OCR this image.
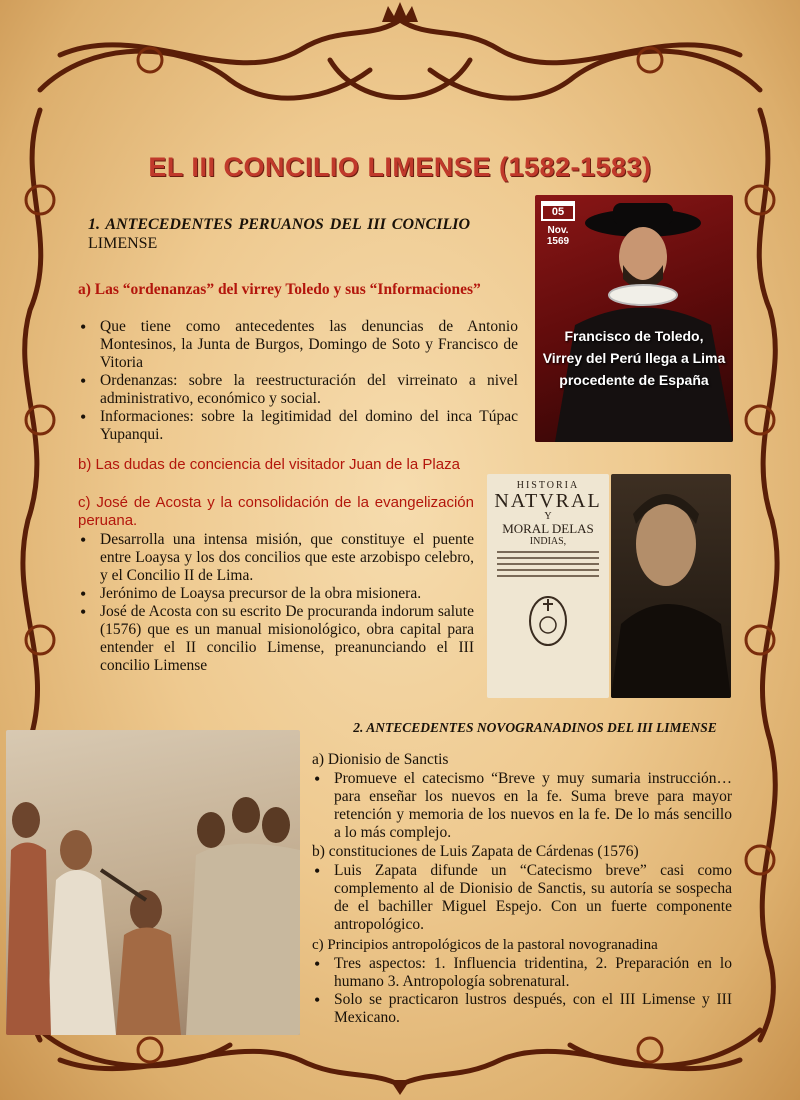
EL III CONCILIO LIMENSE (1582-1583)
1. ANTECEDENTES PERUANOS DEL III CONCILIO LIMENSE
a) Las “ordenanzas” del virrey Toledo y sus “Informaciones”
• Que tiene como antecedentes las denuncias de Antonio Montesinos, la Junta de Burgos, Domingo de Soto y Francisco de Vitoria
• Ordenanzas: sobre la reestructuración del virreinato a nivel administrativo, económico y social.
• Informaciones: sobre la legitimidad del domino del inca Túpac Yupanqui.
b) Las dudas de conciencia del visitador Juan de la Plaza
c) José de Acosta y la consolidación de la evangelización peruana.
• Desarrolla una intensa misión, que constituye el puente entre Loaysa y los dos concilios que este arzobispo celebro, y el Concilio II de Lima.
• Jerónimo de Loaysa precursor de la obra misionera.
• José de Acosta con su escrito De procuranda indorum salute (1576) que es un manual misionológico, obra capital para entender el II concilio Limense, preanunciando el III concilio Limense
05
Nov.
1569
Francisco de Toledo,
Virrey del Perú llega a Lima
procedente de España
HISTORIA
NATVRAL
Y
MORAL DELAS
INDIAS,
2. ANTECEDENTES NOVOGRANADINOS DEL III LIMENSE
a) Dionisio de Sanctis
• Promueve el catecismo “Breve y muy sumaria instrucción… para enseñar los nuevos en la fe. Suma breve para mayor retención y memoria de los nuevos en la fe. De lo más sencillo a lo más complejo.
b) constituciones de Luis Zapata de Cárdenas (1576)
• Luis Zapata difunde un “Catecismo breve” casi como complemento al de Dionisio de Sanctis, su autoría se sospecha de el bachiller Miguel Espejo. Con un fuerte componente antropológico.
c) Principios antropológicos de la pastoral novogranadina
• Tres aspectos: 1. Influencia tridentina, 2. Preparación en lo humano 3. Antropología sobrenatural.
• Solo se practicaron lustros después, con el III Limense y III Mexicano.
